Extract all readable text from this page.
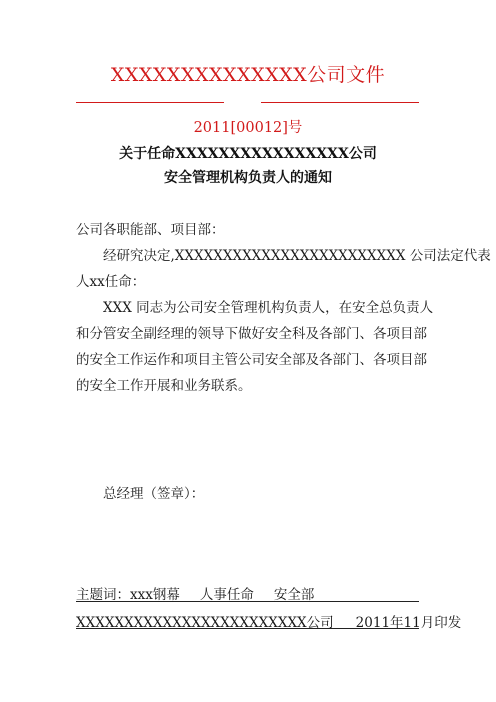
XXXXXXXXXXXXXX公司文件
2011[00012]号
关于任命XXXXXXXXXXXXXXXX公司
安全管理机构负责人的通知
公司各职能部、项目部：
经研究决定,XXXXXXXXXXXXXXXXXXXXXXXX 公司法定代表
人xx任命：
XXX 同志为公司安全管理机构负责人，在安全总负责人
和分管安全副经理的领导下做好安全科及各部门、各项目部
的安全工作运作和项目主管公司安全部及各部门、各项目部
的安全工作开展和业务联系。
总经理（签章）：
主题词：xxx钢幕 人事任命 安全部
XXXXXXXXXXXXXXXXXXXXXXXX公司 2011年11月印发
